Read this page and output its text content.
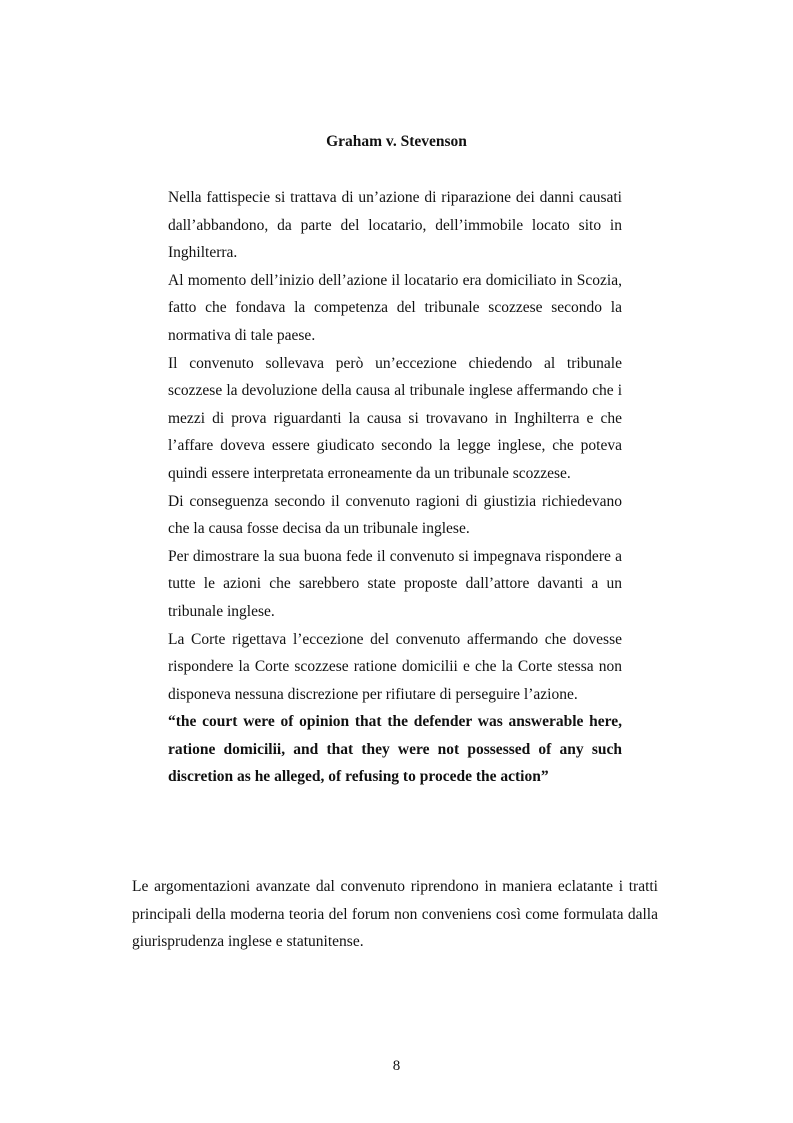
Graham v. Stevenson

Nella fattispecie si trattava di un’azione di riparazione dei danni causati dall’abbandono, da parte del locatario, dell’immobile locato sito in Inghilterra.

Al momento dell’inizio dell’azione il locatario era domiciliato in Scozia, fatto che fondava la competenza del tribunale scozzese secondo la normativa di tale paese.

Il convenuto sollevava però un’eccezione chiedendo al tribunale scozzese la devoluzione della causa al tribunale inglese affermando che i mezzi di prova riguardanti la causa si trovavano in Inghilterra e che l’affare doveva essere giudicato secondo la legge inglese, che poteva quindi essere interpretata erroneamente da un tribunale scozzese.

Di conseguenza secondo il convenuto ragioni di giustizia richiedevano che la causa fosse decisa da un tribunale inglese.

Per dimostrare la sua buona fede il convenuto si impegnava rispondere a tutte le azioni che sarebbero state proposte dall’attore davanti a un tribunale inglese.

La Corte rigettava l’eccezione del convenuto affermando che dovesse rispondere la Corte scozzese ratione domicilii e che la Corte stessa non disponeva nessuna discrezione per rifiutare di perseguire l’azione.

“the court were of opinion that the defender was answerable here, ratione domicilii, and that they were not possessed of any such discretion as he alleged, of refusing to procede the action”

Le argomentazioni avanzate dal convenuto riprendono in maniera eclatante i tratti principali della moderna teoria del forum non conveniens così come formulata dalla giurisprudenza inglese e statunitense.

8
